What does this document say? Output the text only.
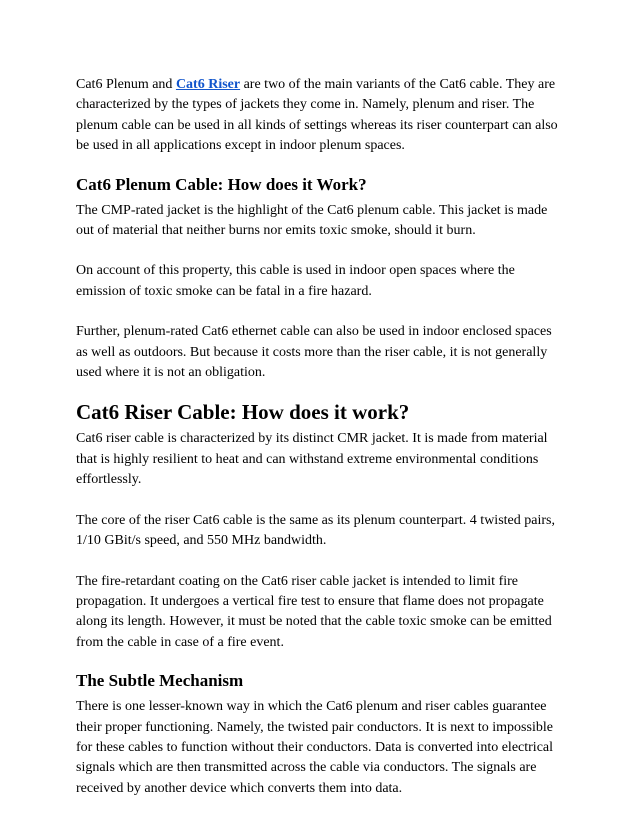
Cat6 Plenum and Cat6 Riser are two of the main variants of the Cat6 cable. They are characterized by the types of jackets they come in. Namely, plenum and riser. The plenum cable can be used in all kinds of settings whereas its riser counterpart can also be used in all applications except in indoor plenum spaces.

Cat6 Plenum Cable: How does it Work?

The CMP-rated jacket is the highlight of the Cat6 plenum cable. This jacket is made out of material that neither burns nor emits toxic smoke, should it burn.

On account of this property, this cable is used in indoor open spaces where the emission of toxic smoke can be fatal in a fire hazard.

Further, plenum-rated Cat6 ethernet cable can also be used in indoor enclosed spaces as well as outdoors. But because it costs more than the riser cable, it is not generally used where it is not an obligation.

Cat6 Riser Cable: How does it work?

Cat6 riser cable is characterized by its distinct CMR jacket. It is made from material that is highly resilient to heat and can withstand extreme environmental conditions effortlessly.

The core of the riser Cat6 cable is the same as its plenum counterpart. 4 twisted pairs, 1/10 GBit/s speed, and 550 MHz bandwidth.

The fire-retardant coating on the Cat6 riser cable jacket is intended to limit fire propagation. It undergoes a vertical fire test to ensure that flame does not propagate along its length. However, it must be noted that the cable toxic smoke can be emitted from the cable in case of a fire event.

The Subtle Mechanism

There is one lesser-known way in which the Cat6 plenum and riser cables guarantee their proper functioning. Namely, the twisted pair conductors. It is next to impossible for these cables to function without their conductors. Data is converted into electrical signals which are then transmitted across the cable via conductors. The signals are received by another device which converts them into data.
